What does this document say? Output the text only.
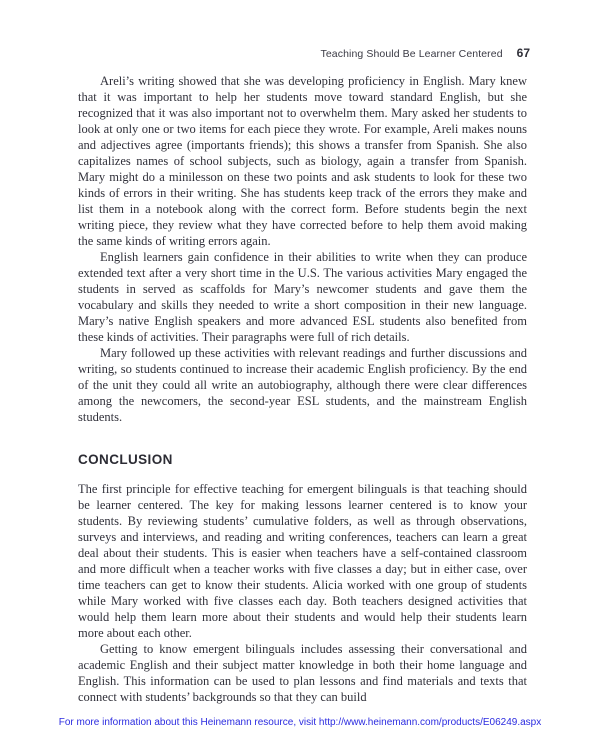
Teaching Should Be Learner Centered 67

Areli’s writing showed that she was developing proficiency in English. Mary knew that it was important to help her students move toward standard English, but she recognized that it was also important not to overwhelm them. Mary asked her students to look at only one or two items for each piece they wrote. For example, Areli makes nouns and adjectives agree (importants friends); this shows a transfer from Spanish. She also capitalizes names of school subjects, such as biology, again a transfer from Spanish. Mary might do a minilesson on these two points and ask students to look for these two kinds of errors in their writing. She has students keep track of the errors they make and list them in a notebook along with the correct form. Before students begin the next writing piece, they review what they have corrected before to help them avoid making the same kinds of writing errors again.

English learners gain confidence in their abilities to write when they can produce extended text after a very short time in the U.S. The various activities Mary engaged the students in served as scaffolds for Mary’s newcomer students and gave them the vocabulary and skills they needed to write a short composition in their new language. Mary’s native English speakers and more advanced ESL students also benefited from these kinds of activities. Their paragraphs were full of rich details.

Mary followed up these activities with relevant readings and further discussions and writing, so students continued to increase their academic English proficiency. By the end of the unit they could all write an autobiography, although there were clear differences among the newcomers, the second-year ESL students, and the mainstream English students.

CONCLUSION

The first principle for effective teaching for emergent bilinguals is that teaching should be learner centered. The key for making lessons learner centered is to know your students. By reviewing students’ cumulative folders, as well as through observations, surveys and interviews, and reading and writing conferences, teachers can learn a great deal about their students. This is easier when teachers have a self-contained classroom and more difficult when a teacher works with five classes a day; but in either case, over time teachers can get to know their students. Alicia worked with one group of students while Mary worked with five classes each day. Both teachers designed activities that would help them learn more about their students and would help their students learn more about each other.

Getting to know emergent bilinguals includes assessing their conversational and academic English and their subject matter knowledge in both their home language and English. This information can be used to plan lessons and find materials and texts that connect with students’ backgrounds so that they can build

For more information about this Heinemann resource, visit http://www.heinemann.com/products/E06249.aspx
